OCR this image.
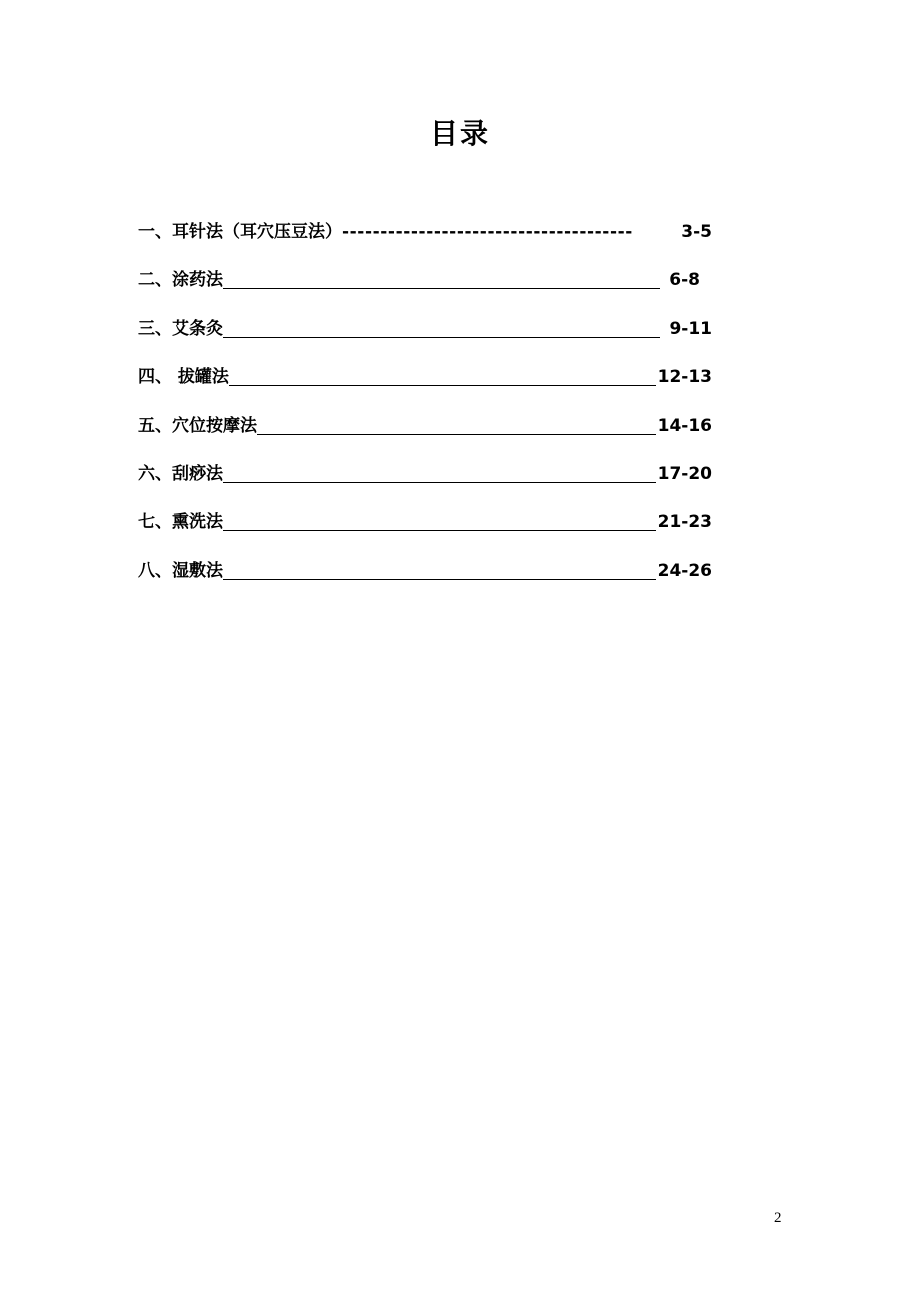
目录
一、耳针法（耳穴压豆法） --------------------------------------	3-5
二、涂药法	6-8
三、艾条灸	9-11
四、 拔罐法	12-13
五、穴位按摩法	14-16
六、刮痧法	17-20
七、熏洗法	21-23
八、湿敷法	24-26
2
